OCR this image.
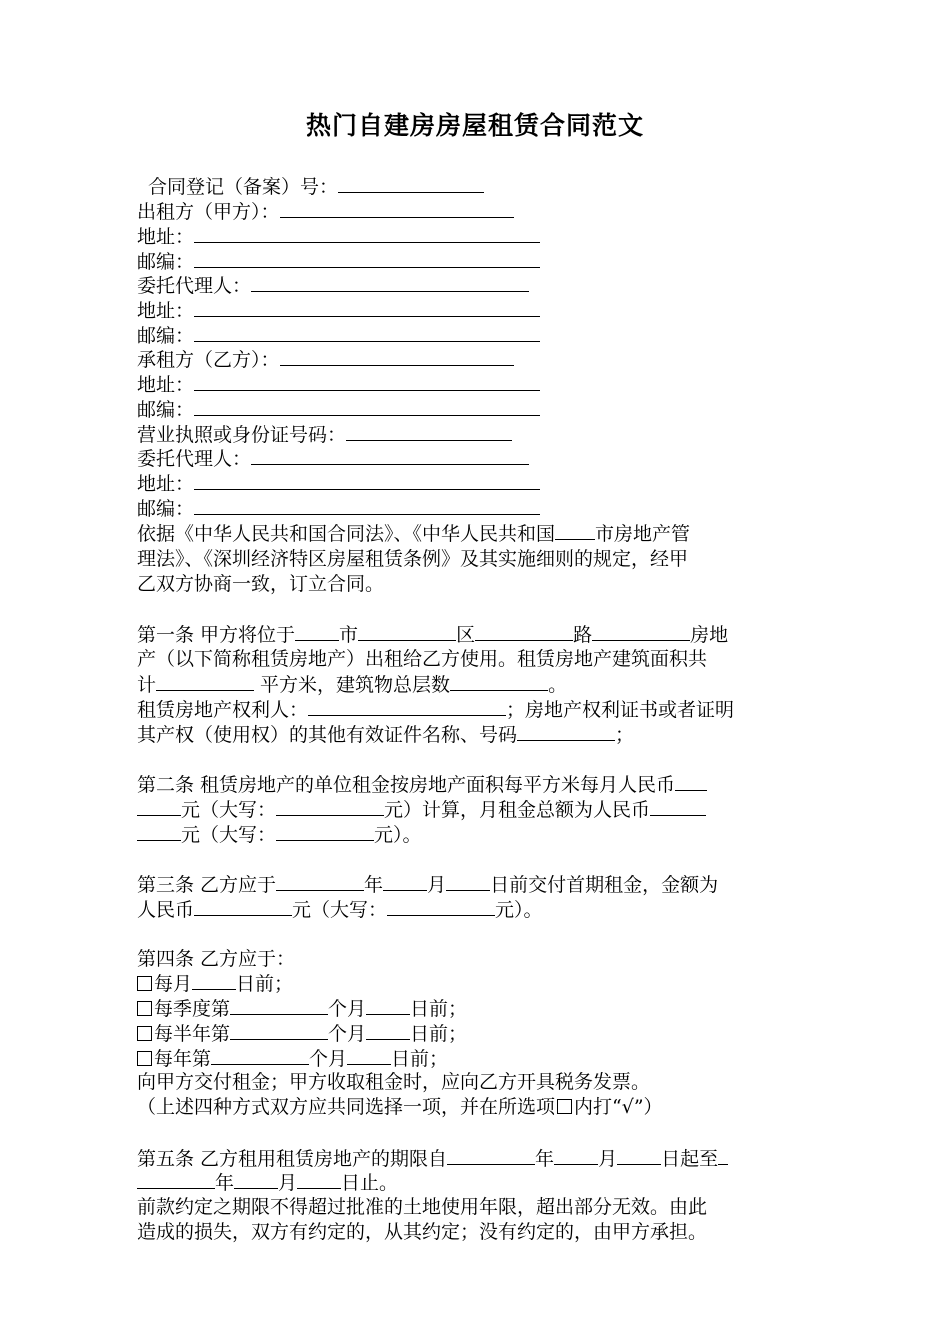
热门自建房房屋租赁合同范文
合同登记（备案）号：
出租方（甲方）：
地址：
邮编：
委托代理人：
地址：
邮编：
承租方（乙方）：
地址：
邮编：
营业执照或身份证号码：
委托代理人：
地址：
邮编：
依据《中华人民共和国合同法》、《中华人民共和国 市房地产管
理法》、《深圳经济特区房屋租赁条例》及其实施细则的规定，经甲
乙双方协商一致，订立合同。
第一条 甲方将位于 市	区	路	房地
产（以下简称租赁房地产）出租给乙方使用。租赁房地产建筑面积共
计	平方米，建筑物总层数	。
租赁房地产权利人：	；房地产权利证书或者证明
其产权（使用权）的其他有效证件名称、号码	；
第二条 租赁房地产的单位租金按房地产面积每平方米每月人民币
元（大写：	元）计算，月租金总额为人民币
元（大写：	元）。
第三条 乙方应于	年 月 日前交付首期租金，金额为
人民币	元（大写：	元）。
第四条 乙方应于：
每月 日前；
每季度第	个月 日前；
每半年第	个月 日前；
每年第	个月 日前；
向甲方交付租金；甲方收取租金时，应向乙方开具税务发票。
（上述四种方式双方应共同选择一项，并在所选项 内打“√”）
第五条 乙方租用租赁房地产的期限自	年 月 日起至
年 月 日止。
前款约定之期限不得超过批准的土地使用年限，超出部分无效。由此
造成的损失，双方有约定的，从其约定；没有约定的，由甲方承担。
